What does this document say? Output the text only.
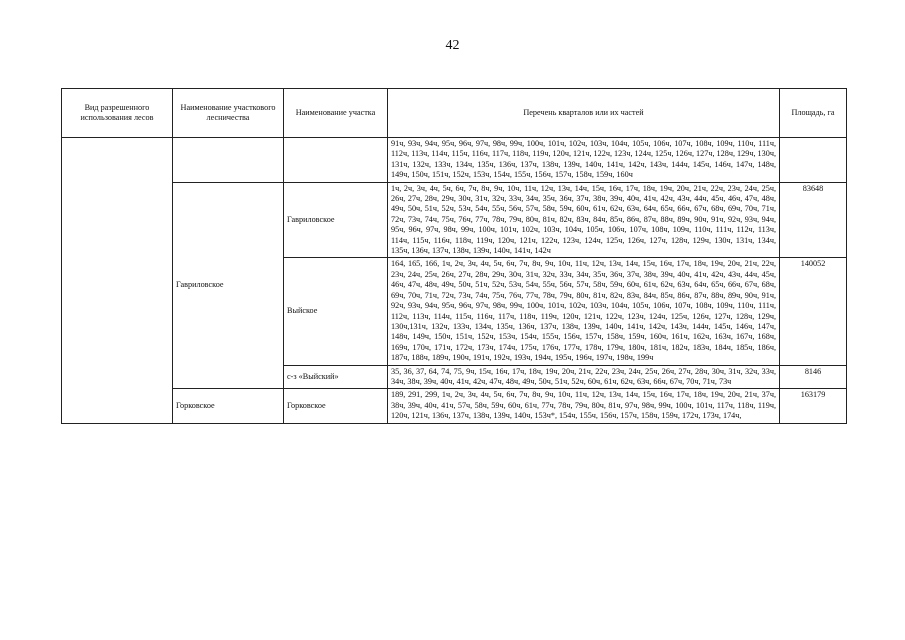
42
Вид разрешенного использования лесов	Наименование участкового лесничества	Наименование участка	Перечень кварталов или их частей	Площадь, га
			91ч, 93ч, 94ч, 95ч, 96ч, 97ч, 98ч, 99ч, 100ч, 101ч, 102ч, 103ч, 104ч, 105ч, 106ч, 107ч, 108ч, 109ч, 110ч, 111ч, 112ч, 113ч, 114ч, 115ч, 116ч, 117ч, 118ч, 119ч, 120ч, 121ч, 122ч, 123ч, 124ч, 125ч, 126ч, 127ч, 128ч, 129ч, 130ч, 131ч, 132ч, 133ч, 134ч, 135ч, 136ч, 137ч, 138ч, 139ч, 140ч, 141ч, 142ч, 143ч, 144ч, 145ч, 146ч, 147ч, 148ч, 149ч, 150ч, 151ч, 152ч, 153ч, 154ч, 155ч, 156ч, 157ч, 158ч, 159ч, 160ч	
	Гавриловское	Гавриловское	1ч, 2ч, 3ч, 4ч, 5ч, 6ч, 7ч, 8ч, 9ч, 10ч, 11ч, 12ч, 13ч, 14ч, 15ч, 16ч, 17ч, 18ч, 19ч, 20ч, 21ч, 22ч, 23ч, 24ч, 25ч, 26ч, 27ч, 28ч, 29ч, 30ч, 31ч, 32ч, 33ч, 34ч, 35ч, 36ч, 37ч, 38ч, 39ч, 40ч, 41ч, 42ч, 43ч, 44ч, 45ч, 46ч, 47ч, 48ч, 49ч, 50ч, 51ч, 52ч, 53ч, 54ч, 55ч, 56ч, 57ч, 58ч, 59ч, 60ч, 61ч, 62ч, 63ч, 64ч, 65ч, 66ч, 67ч, 68ч, 69ч, 70ч, 71ч, 72ч, 73ч, 74ч, 75ч, 76ч, 77ч, 78ч, 79ч, 80ч, 81ч, 82ч, 83ч, 84ч, 85ч, 86ч, 87ч, 88ч, 89ч, 90ч, 91ч, 92ч, 93ч, 94ч, 95ч, 96ч, 97ч, 98ч, 99ч, 100ч, 101ч, 102ч, 103ч, 104ч, 105ч, 106ч, 107ч, 108ч, 109ч, 110ч, 111ч, 112ч, 113ч, 114ч, 115ч, 116ч, 118ч, 119ч, 120ч, 121ч, 122ч, 123ч, 124ч, 125ч, 126ч, 127ч, 128ч, 129ч, 130ч, 131ч, 134ч, 135ч, 136ч, 137ч, 138ч, 139ч, 140ч, 141ч, 142ч	83648
		Выйское	164, 165, 166, 1ч, 2ч, 3ч, 4ч, 5ч, 6ч, 7ч, 8ч, 9ч, 10ч, 11ч, 12ч, 13ч, 14ч, 15ч, 16ч, 17ч, 18ч, 19ч, 20ч, 21ч, 22ч, 23ч, 24ч, 25ч, 26ч, 27ч, 28ч, 29ч, 30ч, 31ч, 32ч, 33ч, 34ч, 35ч, 36ч, 37ч, 38ч, 39ч, 40ч, 41ч, 42ч, 43ч, 44ч, 45ч, 46ч, 47ч, 48ч, 49ч, 50ч, 51ч, 52ч, 53ч, 54ч, 55ч, 56ч, 57ч, 58ч, 59ч, 60ч, 61ч, 62ч, 63ч, 64ч, 65ч, 66ч, 67ч, 68ч, 69ч, 70ч, 71ч, 72ч, 73ч, 74ч, 75ч, 76ч, 77ч, 78ч, 79ч, 80ч, 81ч, 82ч, 83ч, 84ч, 85ч, 86ч, 87ч, 88ч, 89ч, 90ч, 91ч, 92ч, 93ч, 94ч, 95ч, 96ч, 97ч, 98ч, 99ч, 100ч, 101ч, 102ч, 103ч, 104ч, 105ч, 106ч, 107ч, 108ч, 109ч, 110ч, 111ч, 112ч, 113ч, 114ч, 115ч, 116ч, 117ч, 118ч, 119ч, 120ч, 121ч, 122ч, 123ч, 124ч, 125ч, 126ч, 127ч, 128ч, 129ч, 130ч,131ч, 132ч, 133ч, 134ч, 135ч, 136ч, 137ч, 138ч, 139ч, 140ч, 141ч, 142ч, 143ч, 144ч, 145ч, 146ч, 147ч, 148ч, 149ч, 150ч, 151ч, 152ч, 153ч, 154ч, 155ч, 156ч, 157ч, 158ч, 159ч, 160ч, 161ч, 162ч, 163ч, 167ч, 168ч, 169ч, 170ч, 171ч, 172ч, 173ч, 174ч, 175ч, 176ч, 177ч, 178ч, 179ч, 180ч, 181ч, 182ч, 183ч, 184ч, 185ч, 186ч, 187ч, 188ч, 189ч, 190ч, 191ч, 192ч, 193ч, 194ч, 195ч, 196ч, 197ч, 198ч, 199ч	140052
		с-з «Выйский»	35, 36, 37, 64, 74, 75, 9ч, 15ч, 16ч, 17ч, 18ч, 19ч, 20ч, 21ч, 22ч, 23ч, 24ч, 25ч, 26ч, 27ч, 28ч, 30ч, 31ч, 32ч, 33ч, 34ч, 38ч, 39ч, 40ч, 41ч, 42ч, 47ч, 48ч, 49ч, 50ч, 51ч, 52ч, 60ч, 61ч, 62ч, 63ч, 66ч, 67ч, 70ч, 71ч, 73ч	8146
	Горковское	Горковское	189, 291, 299, 1ч, 2ч, 3ч, 4ч, 5ч, 6ч, 7ч, 8ч, 9ч, 10ч, 11ч, 12ч, 13ч, 14ч, 15ч, 16ч, 17ч, 18ч, 19ч, 20ч, 21ч, 37ч, 38ч, 39ч, 40ч, 41ч, 57ч, 58ч, 59ч, 60ч, 61ч, 77ч, 78ч, 79ч, 80ч, 81ч, 97ч, 98ч, 99ч, 100ч, 101ч, 117ч, 118ч, 119ч, 120ч, 121ч, 136ч, 137ч, 138ч, 139ч, 140ч, 153ч*, 154ч, 155ч, 156ч, 157ч, 158ч, 159ч, 172ч, 173ч, 174ч,	163179
